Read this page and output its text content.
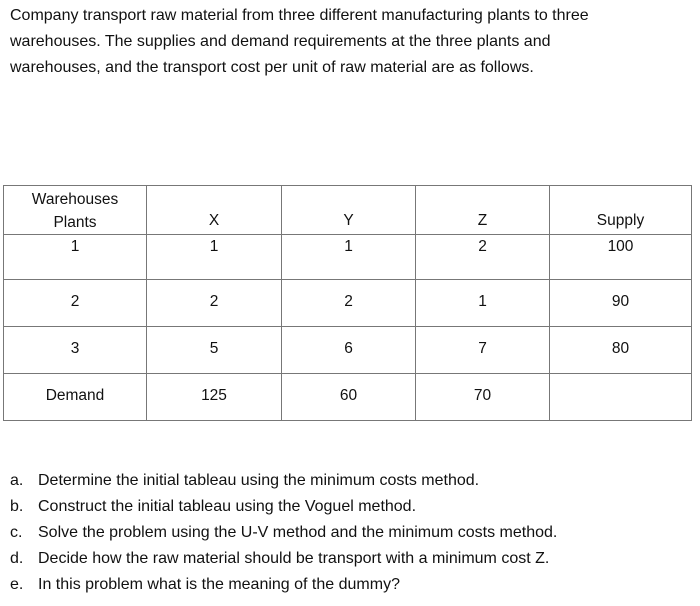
Company transport raw material from three different manufacturing plants to three
warehouses. The supplies and demand requirements at the three plants and
warehouses, and the transport cost per unit of raw material are as follows.

Warehouses
Plants	X	Y	Z	Supply

1	1	1	2	100

2	2	2	1	90

3	5	6	7	80

Demand	125	60	70	

a. Determine the initial tableau using the minimum costs method.
b. Construct the initial tableau using the Voguel method.
c. Solve the problem using the U-V method and the minimum costs method.
d. Decide how the raw material should be transport with a minimum cost Z.
e. In this problem what is the meaning of the dummy?
